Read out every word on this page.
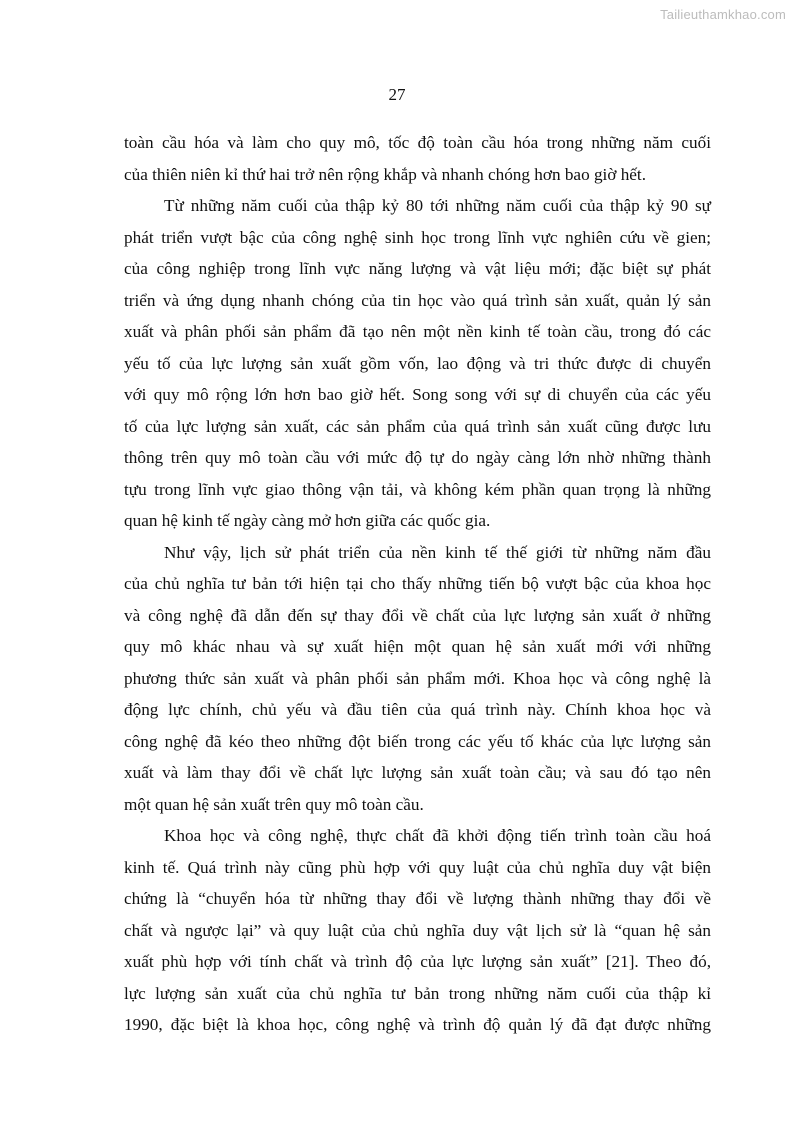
Tailieuthamkhao.com
27
toàn cầu hóa và làm cho quy mô, tốc độ toàn cầu hóa trong những năm cuối
của thiên niên kỉ thứ hai trở nên rộng khắp và nhanh chóng hơn bao giờ hết.
Từ những năm cuối của thập kỷ 80 tới những năm cuối của thập kỷ 90 sự
phát triển vượt bậc của công nghệ sinh học trong lĩnh vực nghiên cứu về gien;
của công nghiệp trong lĩnh vực năng lượng và vật liệu mới; đặc biệt sự phát
triển và ứng dụng nhanh chóng của tin học vào quá trình sản xuất, quản lý sản
xuất và phân phối sản phẩm đã tạo nên một nền kinh tế toàn cầu, trong đó các
yếu tố của lực lượng sản xuất gồm vốn, lao động và tri thức được di chuyển
với quy mô rộng lớn hơn bao giờ hết. Song song với sự di chuyển của các yếu
tố của lực lượng sản xuất, các sản phẩm của quá trình sản xuất cũng được lưu
thông trên quy mô toàn cầu với mức độ tự do ngày càng lớn nhờ những thành
tựu trong lĩnh vực giao thông vận tải, và không kém phần quan trọng là những
quan hệ kinh tế ngày càng mở hơn giữa các quốc gia.
Như vậy, lịch sử phát triển của nền kinh tế thế giới từ những năm đầu
của chủ nghĩa tư bản tới hiện tại cho thấy những tiến bộ vượt bậc của khoa học
và công nghệ đã dẫn đến sự thay đổi về chất của lực lượng sản xuất ở những
quy mô khác nhau và sự xuất hiện một quan hệ sản xuất mới với những
phương thức sản xuất và phân phối sản phẩm mới. Khoa học và công nghệ là
động lực chính, chủ yếu và đầu tiên của quá trình này. Chính khoa học và
công nghệ đã kéo theo những đột biến trong các yếu tố khác của lực lượng sản
xuất và làm thay đổi về chất lực lượng sản xuất toàn cầu; và sau đó tạo nên
một quan hệ sản xuất trên quy mô toàn cầu.
Khoa học và công nghệ, thực chất đã khởi động tiến trình toàn cầu hoá
kinh tế. Quá trình này cũng phù hợp với quy luật của chủ nghĩa duy vật biện
chứng là “chuyển hóa từ những thay đổi về lượng thành những thay đổi về
chất và ngược lại” và quy luật của chủ nghĩa duy vật lịch sử là “quan hệ sản
xuất phù hợp với tính chất và trình độ của lực lượng sản xuất” [21]. Theo đó,
lực lượng sản xuất của chủ nghĩa tư bản trong những năm cuối của thập kỉ
1990, đặc biệt là khoa học, công nghệ và trình độ quản lý đã đạt được những
